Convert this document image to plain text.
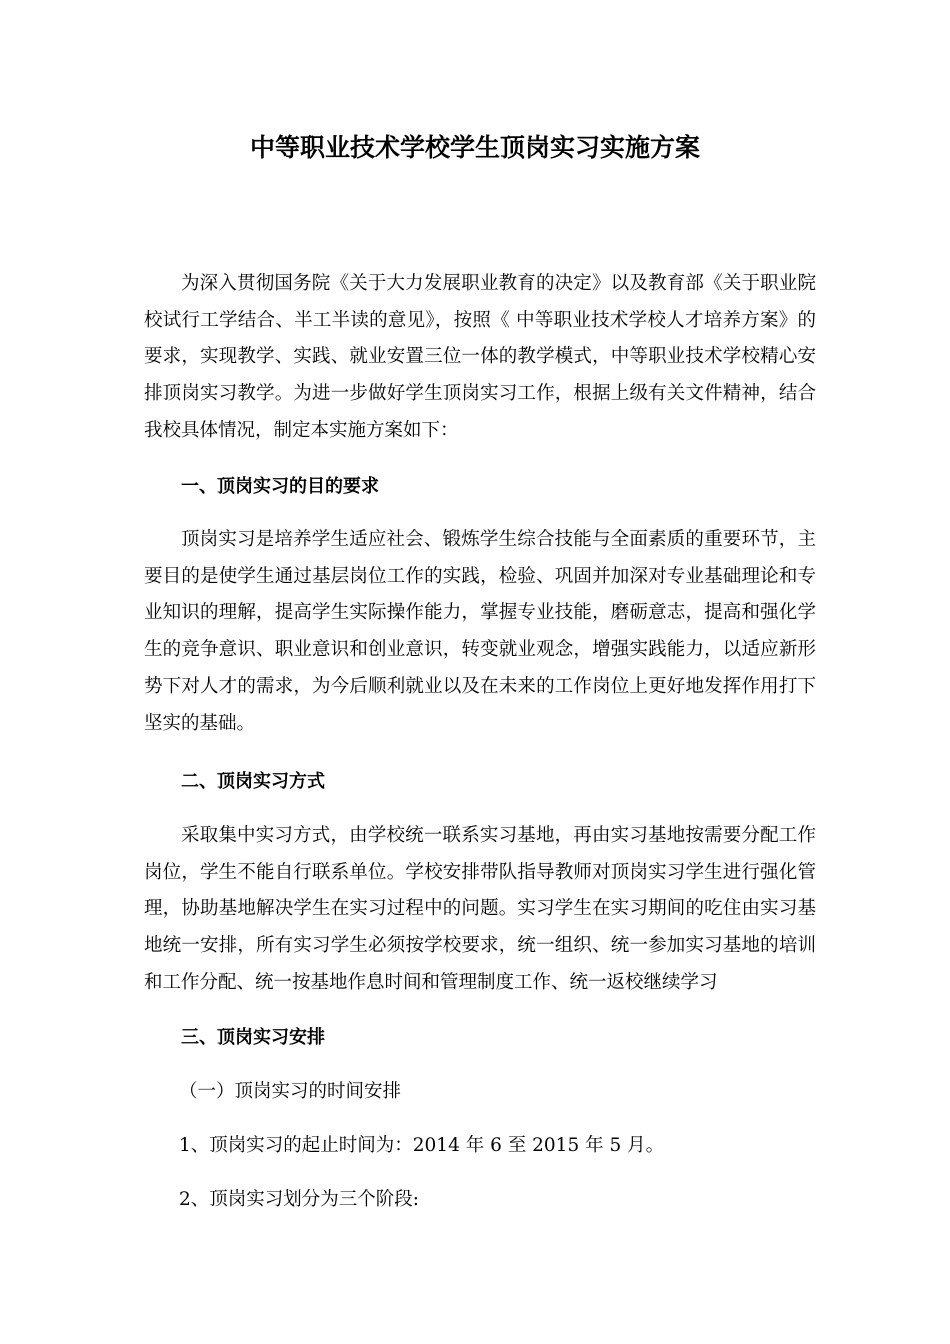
中等职业技术学校学生顶岗实习实施方案

为深入贯彻国务院《关于大力发展职业教育的决定》以及教育部《关于职业院校试行工学结合、半工半读的意见》，按照《 中等职业技术学校人才培养方案》的要求，实现教学、实践、就业安置三位一体的教学模式，中等职业技术学校精心安排顶岗实习教学。为进一步做好学生顶岗实习工作，根据上级有关文件精神，结合我校具体情况，制定本实施方案如下：

一、顶岗实习的目的要求

顶岗实习是培养学生适应社会、锻炼学生综合技能与全面素质的重要环节，主要目的是使学生通过基层岗位工作的实践，检验、巩固并加深对专业基础理论和专业知识的理解，提高学生实际操作能力，掌握专业技能，磨砺意志，提高和强化学生的竞争意识、职业意识和创业意识，转变就业观念，增强实践能力，以适应新形势下对人才的需求，为今后顺利就业以及在未来的工作岗位上更好地发挥作用打下坚实的基础。

二、顶岗实习方式

采取集中实习方式，由学校统一联系实习基地，再由实习基地按需要分配工作岗位，学生不能自行联系单位。学校安排带队指导教师对顶岗实习学生进行强化管理，协助基地解决学生在实习过程中的问题。实习学生在实习期间的吃住由实习基地统一安排，所有实习学生必须按学校要求，统一组织、统一参加实习基地的培训和工作分配、统一按基地作息时间和管理制度工作、统一返校继续学习

三、顶岗实习安排

（一）顶岗实习的时间安排

1、顶岗实习的起止时间为：2014 年 6 至 2015 年 5 月。

2、顶岗实习划分为三个阶段:
